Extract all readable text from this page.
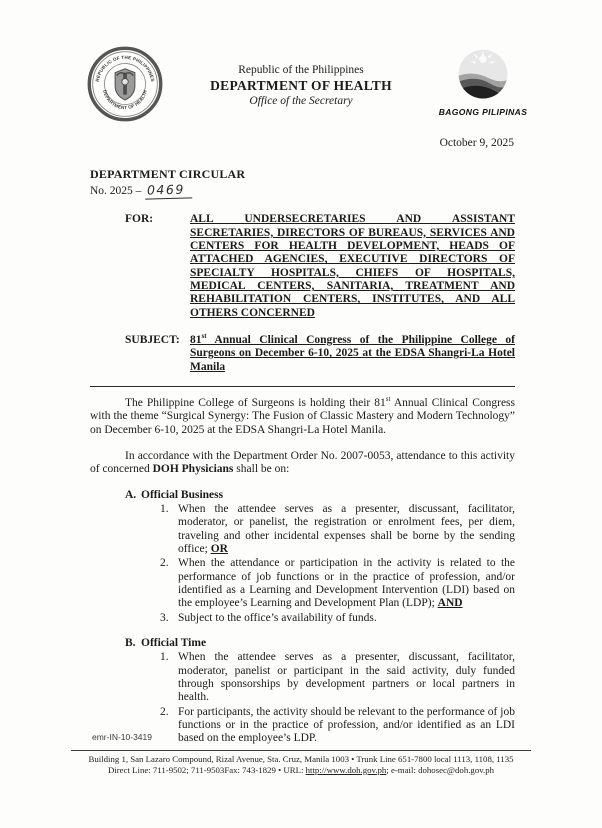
REPUBLIC OF THE PHILIPPINES
DEPARTMENT OF HEALTH
Republic of the Philippines
DEPARTMENT OF HEALTH
Office of the Secretary
BAGONG PILIPINAS
October 9, 2025
DEPARTMENT CIRCULAR
No. 2025 – 0469
FOR:	ALL UNDERSECRETARIES AND ASSISTANT SECRETARIES, DIRECTORS OF BUREAUS, SERVICES AND CENTERS FOR HEALTH DEVELOPMENT, HEADS OF ATTACHED AGENCIES, EXECUTIVE DIRECTORS OF SPECIALTY HOSPITALS, CHIEFS OF HOSPITALS, MEDICAL CENTERS, SANITARIA, TREATMENT AND REHABILITATION CENTERS, INSTITUTES, AND ALL OTHERS CONCERNED
SUBJECT: 81st Annual Clinical Congress of the Philippine College of Surgeons on December 6-10, 2025 at the EDSA Shangri-La Hotel Manila

The Philippine College of Surgeons is holding their 81st Annual Clinical Congress with the theme “Surgical Synergy: The Fusion of Classic Mastery and Modern Technology” on December 6-10, 2025 at the EDSA Shangri-La Hotel Manila.

In accordance with the Department Order No. 2007-0053, attendance to this activity of concerned DOH Physicians shall be on:

A. Official Business
1. When the attendee serves as a presenter, discussant, facilitator, moderator, or panelist, the registration or enrolment fees, per diem, traveling and other incidental expenses shall be borne by the sending office; OR
2. When the attendance or participation in the activity is related to the performance of job functions or in the practice of profession, and/or identified as a Learning and Development Intervention (LDI) based on the employee’s Learning and Development Plan (LDP); AND
3. Subject to the office’s availability of funds.
B. Official Time
1. When the attendee serves as a presenter, discussant, facilitator, moderator, panelist or participant in the said activity, duly funded through sponsorships by development partners or local partners in health.
2. For participants, the activity should be relevant to the performance of job functions or in the practice of profession, and/or identified as an LDI based on the employee’s LDP.
emr-IN-10-3419
Building 1, San Lazaro Compound, Rizal Avenue, Sta. Cruz, Manila 1003 • Trunk Line 651-7800 local 1113, 1108, 1135
Direct Line: 711-9502; 711-9503Fax: 743-1829 • URL: http://www.doh.gov.ph; e-mail: dohosec@doh.gov.ph
